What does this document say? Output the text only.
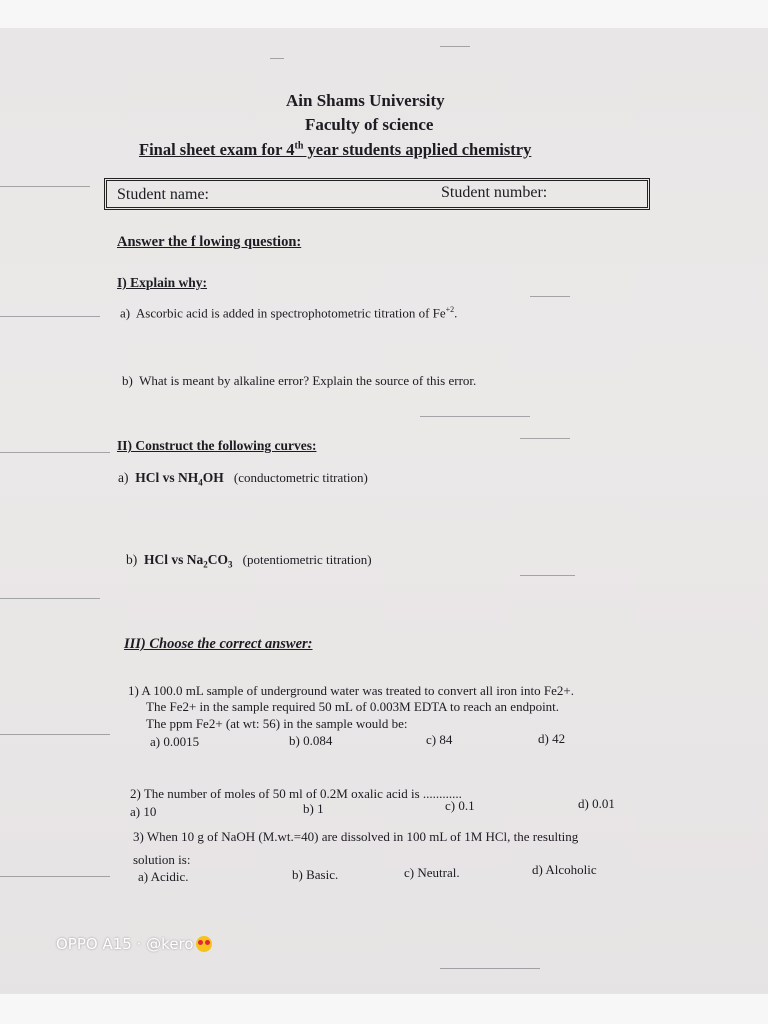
Ain Shams University
Faculty of science
Final sheet exam for 4th year students applied chemistry
Student name:	Student number:
Answer the f lowing question:
I) Explain why:
a) Ascorbic acid is added in spectrophotometric titration of $Fe^{+2}$.
b) What is meant by alkaline error? Explain the source of this error.
II) Construct the following curves:
a) HCl vs $NH_4OH$ (conductometric titration)
b) HCl vs $Na_2CO_3$ (potentiometric titration)
III) Choose the correct answer:
1) A 100.0 mL sample of underground water was treated to convert all iron into Fe2+.
The Fe2+ in the sample required 50 mL of 0.003M EDTA to reach an endpoint.
The ppm Fe2+ (at wt: 56) in the sample would be:
a) 0.0015	b) 0.084	c) 84	d) 42
2) The number of moles of 50 ml of 0.2M oxalic acid is ............
a) 10	b) 1	c) 0.1	d) 0.01
3) When 10 g of NaOH (M.wt.=40) are dissolved in 100 mL of 1M HCl, the resulting
solution is:
a) Acidic.	b) Basic.	c) Neutral.	d) Alcoholic
OPPO A15 · @kero
